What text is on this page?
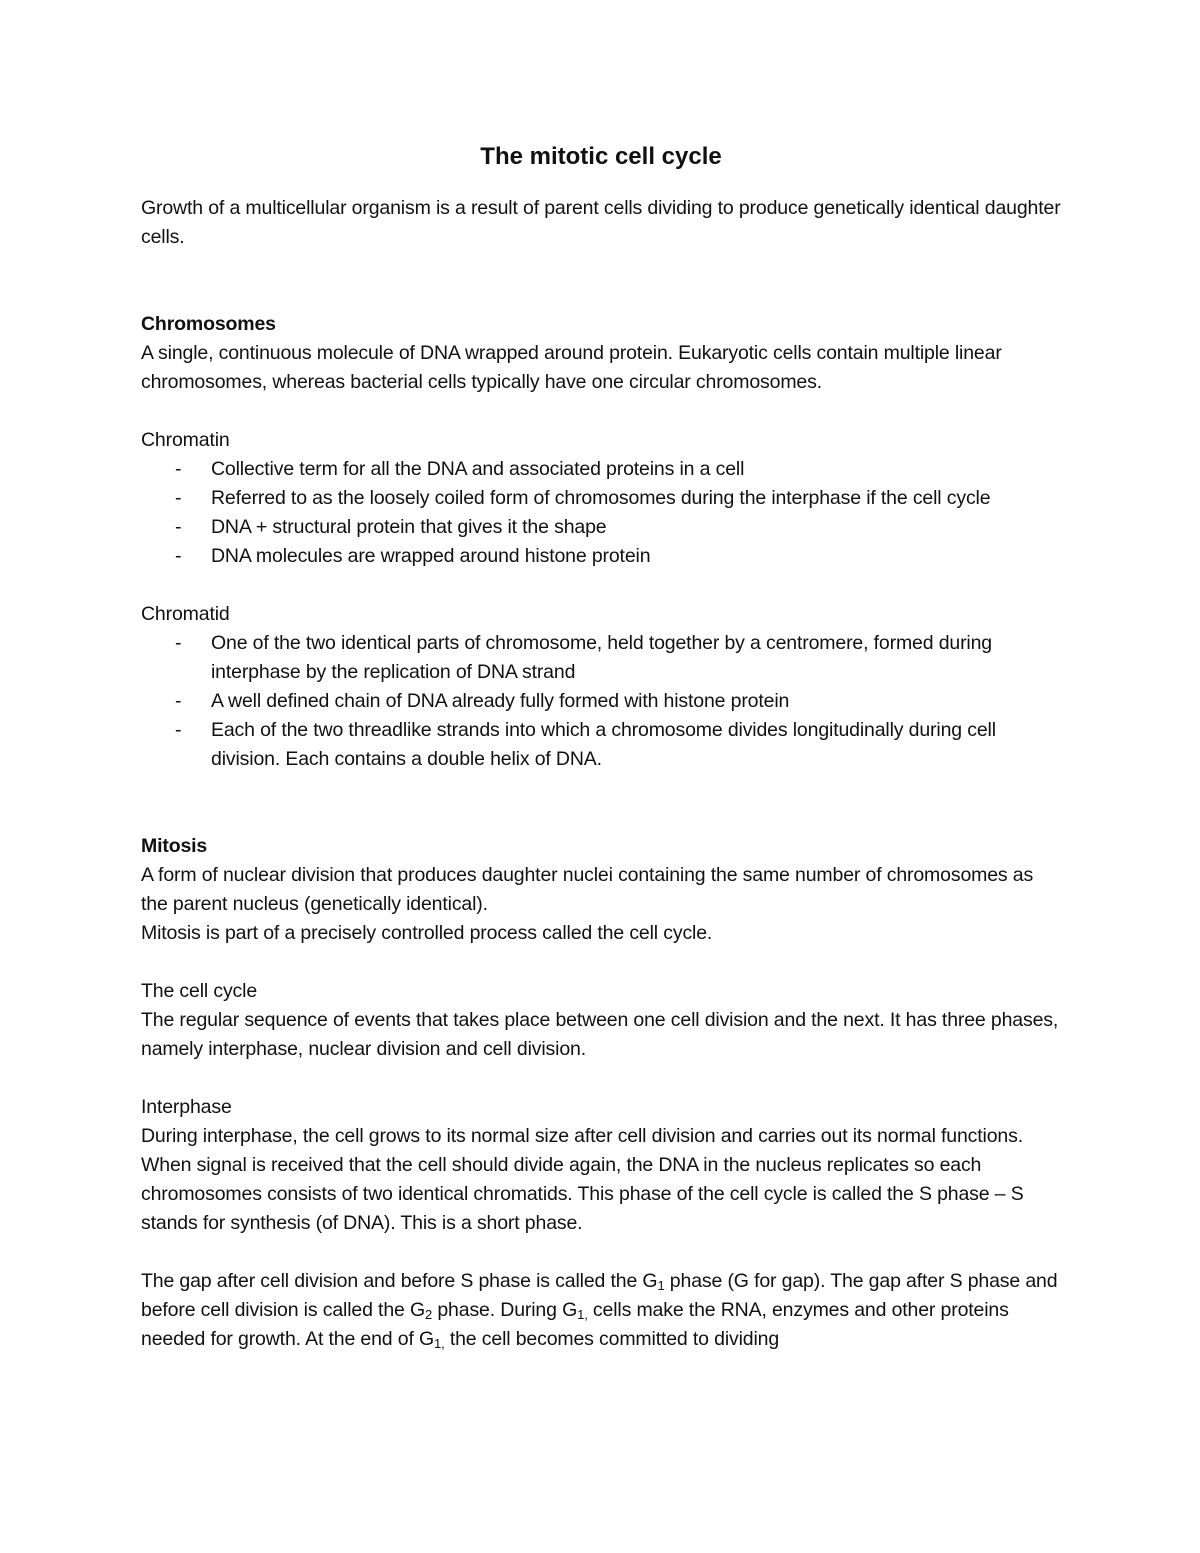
The mitotic cell cycle

Growth of a multicellular organism is a result of parent cells dividing to produce genetically identical daughter cells.

Chromosomes

A single, continuous molecule of DNA wrapped around protein. Eukaryotic cells contain multiple linear chromosomes, whereas bacterial cells typically have one circular chromosomes.

Chromatin

- Collective term for all the DNA and associated proteins in a cell
- Referred to as the loosely coiled form of chromosomes during the interphase if the cell cycle
- DNA + structural protein that gives it the shape
- DNA molecules are wrapped around histone protein

Chromatid

- One of the two identical parts of chromosome, held together by a centromere, formed during interphase by the replication of DNA strand
- A well defined chain of DNA already fully formed with histone protein
- Each of the two threadlike strands into which a chromosome divides longitudinally during cell division. Each contains a double helix of DNA.

Mitosis

A form of nuclear division that produces daughter nuclei containing the same number of chromosomes as the parent nucleus (genetically identical).

Mitosis is part of a precisely controlled process called the cell cycle.

The cell cycle

The regular sequence of events that takes place between one cell division and the next. It has three phases, namely interphase, nuclear division and cell division.

Interphase

During interphase, the cell grows to its normal size after cell division and carries out its normal functions. When signal is received that the cell should divide again, the DNA in the nucleus replicates so each chromosomes consists of two identical chromatids. This phase of the cell cycle is called the S phase – S stands for synthesis (of DNA). This is a short phase.

The gap after cell division and before S phase is called the $G_1$ phase (G for gap). The gap after S phase and before cell division is called the $G_2$ phase. During $G_{1,}$ cells make the RNA, enzymes and other proteins needed for growth. At the end of $G_{1,}$ the cell becomes committed to dividing
